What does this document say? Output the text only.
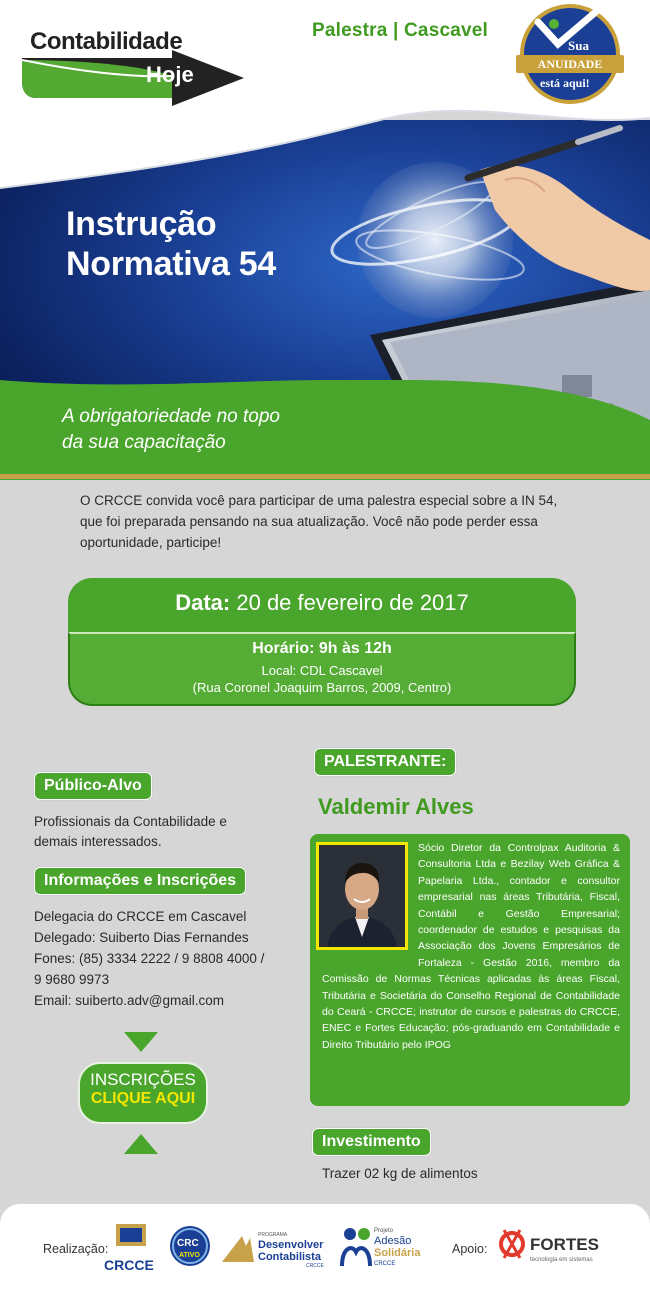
Instrução
Normativa 54
Contabilidade
Hoje
Palestra | Cascavel
Sua
ANUIDADE
está aqui!
A obrigatoriedade no topo
da sua capacitação
O CRCCE convida você para participar de uma palestra especial sobre a IN 54,
que foi preparada pensando na sua atualização. Você não pode perder essa
oportunidade, participe!
Data: 20 de fevereiro de 2017
Horário: 9h às 12h
Local: CDL Cascavel
(Rua Coronel Joaquim Barros, 2009, Centro)
Público-Alvo
Profissionais da Contabilidade e
demais interessados.
Informações e Inscrições
Delegacia do CRCCE em Cascavel
Delegado: Suiberto Dias Fernandes
Fones: (85) 3334 2222 / 9 8808 4000 /
9 9680 9973
Email: suiberto.adv@gmail.com
INSCRIÇÕES
CLIQUE AQUI
PALESTRANTE:
Valdemir Alves
Sócio Diretor da Controlpax Auditoria & Consultoria Ltda e Bezilay Web Gráfica & Papelaria Ltda., contador e consultor empresarial nas áreas Tributária, Fiscal, Contábil e Gestão Empresarial; coordenador de estudos e pesquisas da Associação dos Jovens Empresários de Fortaleza - Gestão 2016, membro da Comissão de Normas Técnicas aplicadas às áreas Fiscal, Tributária e Societária do Conselho Regional de Contabilidade do Ceará - CRCCE; instrutor de cursos e palestras do CRCCE, ENEC e Fortes Educação; pós-graduando em Contabilidade e Direito Tributário pelo IPOG
Investimento
Trazer 02 kg de alimentos
Realização:
CRCCE
CRC
ATIVO
PROGRAMA
Desenvolver
Contabilista
CRCCE
Projeto
Adesão
Solidária
CRCCE
Apoio:	FORTES
tecnologia em sistemas
